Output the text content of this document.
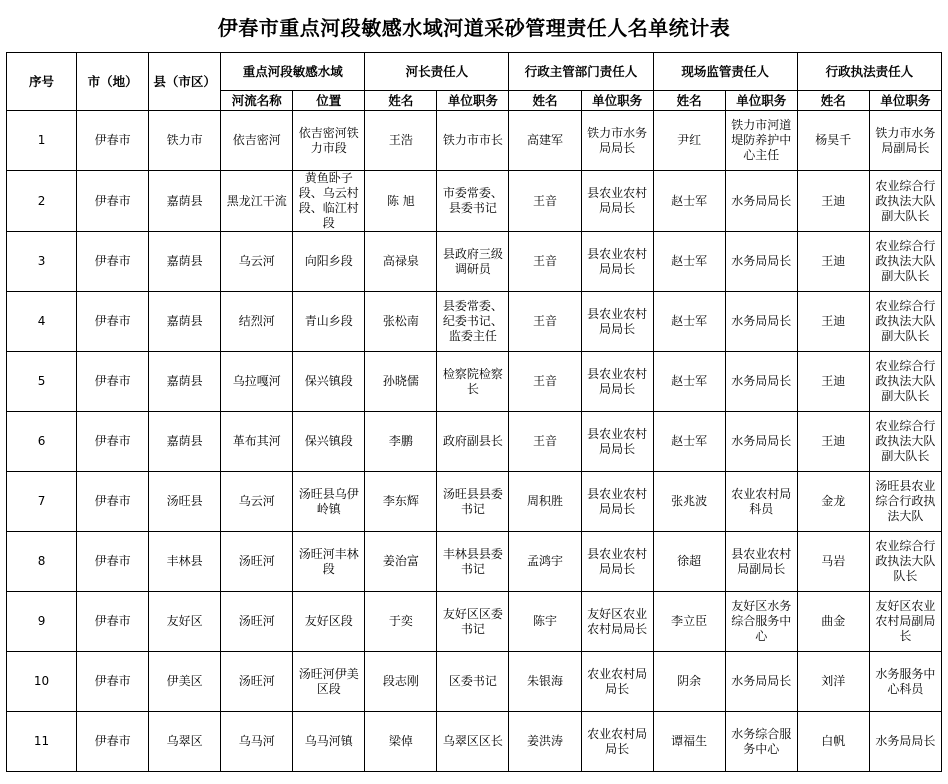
伊春市重点河段敏感水域河道采砂管理责任人名单统计表
序号	市（地）	县（市区）	重点河段敏感水域		河长责任人		行政主管部门责任人		现场监管责任人		行政执法责任人	
			河流名称	位置	姓名	单位职务	姓名	单位职务	姓名	单位职务	姓名	单位职务
1	伊春市	铁力市	依吉密河	依吉密河铁力市段	王浩	铁力市市长	高建军	铁力市水务局局长	尹红	铁力市河道堤防养护中心主任	杨昊千	铁力市水务局副局长
2	伊春市	嘉荫县	黑龙江干流	黄鱼卧子段、乌云村段、临江村段	陈 旭	市委常委、县委书记	王音	县农业农村局局长	赵士军	水务局局长	王迪	农业综合行政执法大队副大队长
3	伊春市	嘉荫县	乌云河	向阳乡段	高禄泉	县政府三级调研员	王音	县农业农村局局长	赵士军	水务局局长	王迪	农业综合行政执法大队副大队长
4	伊春市	嘉荫县	结烈河	青山乡段	张松南	县委常委、纪委书记、监委主任	王音	县农业农村局局长	赵士军	水务局局长	王迪	农业综合行政执法大队副大队长
5	伊春市	嘉荫县	乌拉嘎河	保兴镇段	孙晓儒	检察院检察长	王音	县农业农村局局长	赵士军	水务局局长	王迪	农业综合行政执法大队副大队长
6	伊春市	嘉荫县	革布其河	保兴镇段	李鹏	政府副县长	王音	县农业农村局局长	赵士军	水务局局长	王迪	农业综合行政执法大队副大队长
7	伊春市	汤旺县	乌云河	汤旺县乌伊岭镇	李东辉	汤旺县县委书记	周积胜	县农业农村局局长	张兆波	农业农村局科员	金龙	汤旺县农业综合行政执法大队
8	伊春市	丰林县	汤旺河	汤旺河丰林段	姜治富	丰林县县委书记	孟鸿宇	县农业农村局局长	徐超	县农业农村局副局长	马岩	农业综合行政执法大队队长
9	伊春市	友好区	汤旺河	友好区段	于奕	友好区区委书记	陈宇	友好区农业农村局局长	李立臣	友好区水务综合服务中心	曲金	友好区农业农村局副局长
10	伊春市	伊美区	汤旺河	汤旺河伊美区段	段志刚	区委书记	朱银海	农业农村局局长	阴余	水务局局长	刘洋	水务服务中心科员
11	伊春市	乌翠区	乌马河	乌马河镇	梁倬	乌翠区区长	姜洪涛	农业农村局局长	谭福生	水务综合服务中心	白帆	水务局局长
